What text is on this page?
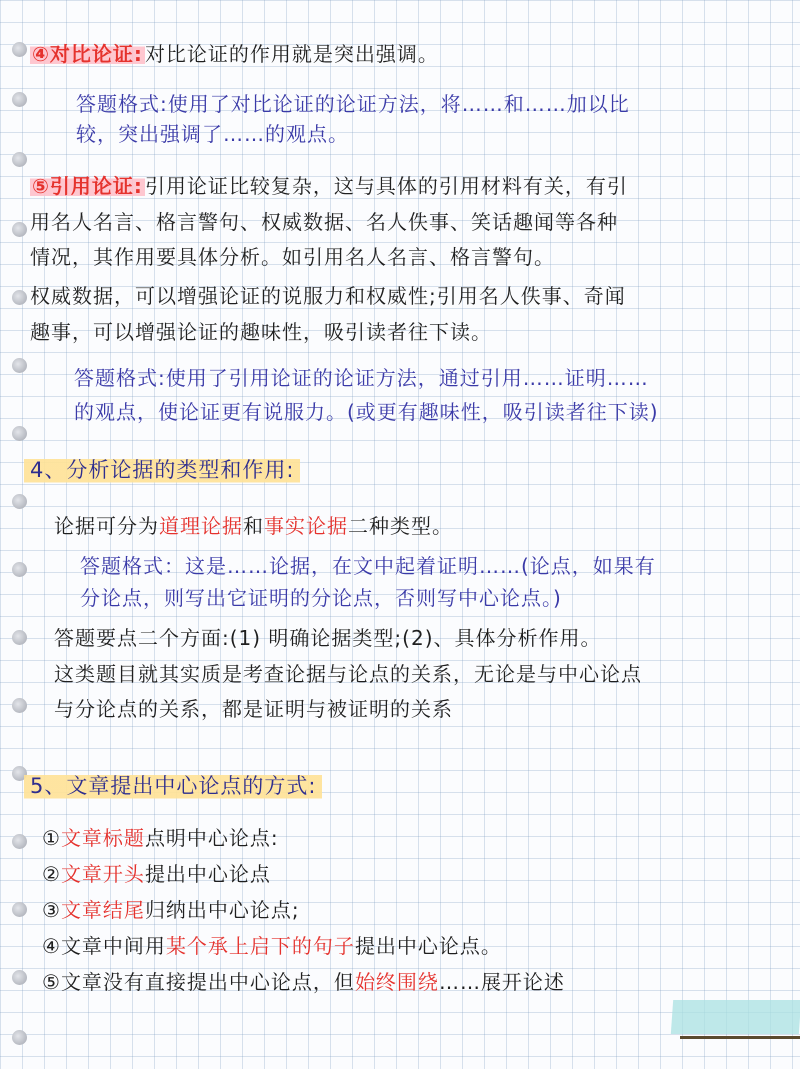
④对比论证: 对比论证的作用就是突出强调。
答题格式:使用了对比论证的论证方法，将……和……加以比
较，突出强调了……的观点。
⑤引用论证: 引用论证比较复杂，这与具体的引用材料有关，有引
用名人名言、格言警句、权威数据、名人佚事、笑话趣闻等各种
情况，其作用要具体分析。如引用名人名言、格言警句。
权威数据，可以增强论证的说服力和权威性;引用名人佚事、奇闻
趣事，可以增强论证的趣味性，吸引读者往下读。
答题格式:使用了引用论证的论证方法，通过引用……证明……
的观点，使论证更有说服力。(或更有趣味性，吸引读者往下读)
4、分析论据的类型和作用:
论据可分为道理论据和事实论据二种类型。
答题格式：这是……论据，在文中起着证明……(论点，如果有
分论点，则写出它证明的分论点，否则写中心论点。)
答题要点二个方面:(1) 明确论据类型;(2)、具体分析作用。
这类题目就其实质是考查论据与论点的关系，无论是与中心论点
与分论点的关系，都是证明与被证明的关系
5、文章提出中心论点的方式:
①文章标题点明中心论点:
②文章开头提出中心论点
③文章结尾归纳出中心论点;
④文章中间用某个承上启下的句子提出中心论点。
⑤文章没有直接提出中心论点，但始终围绕……展开论述
